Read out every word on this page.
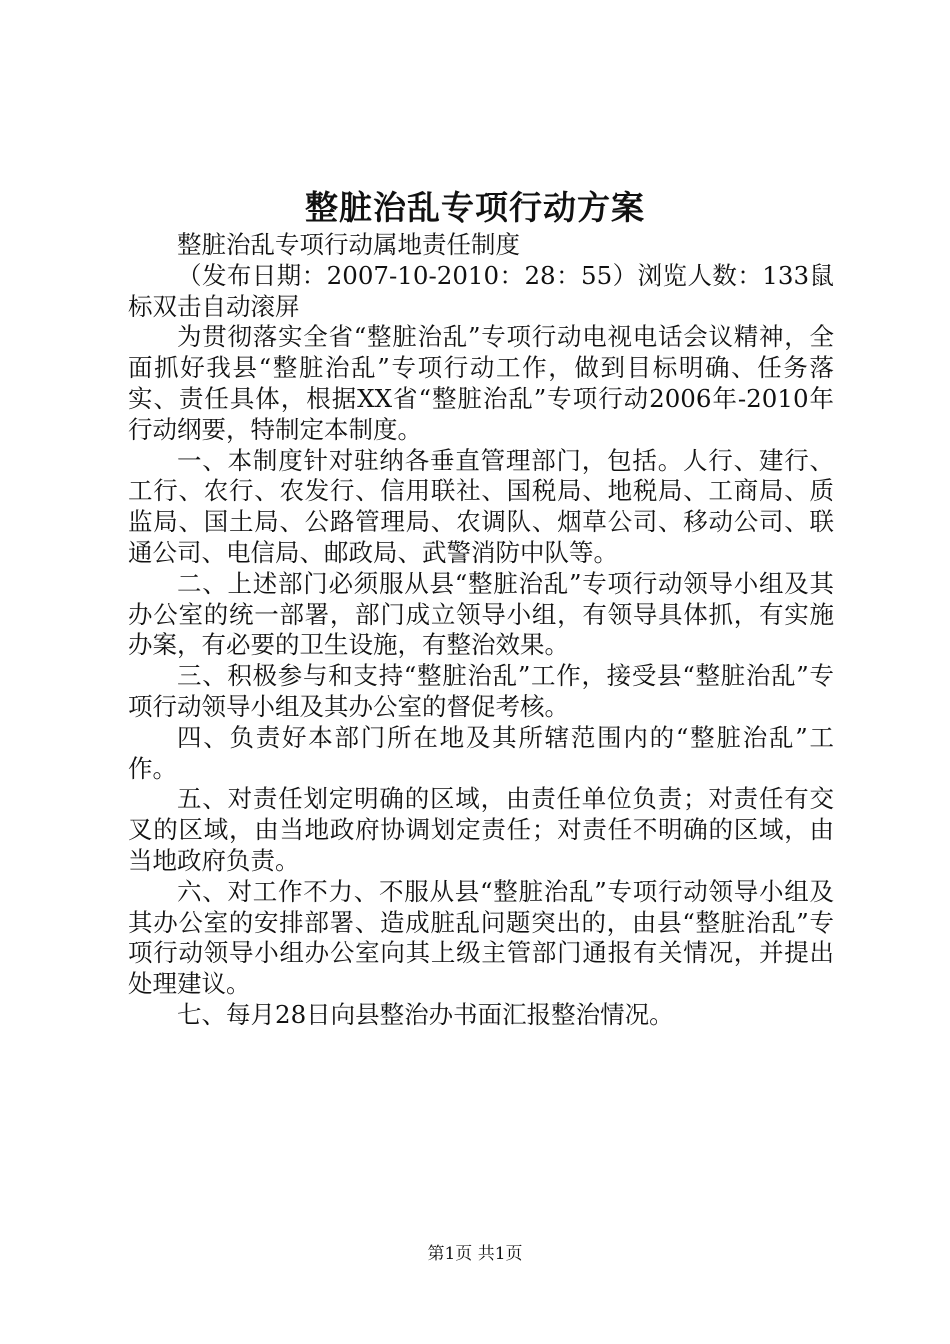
整脏治乱专项行动方案

整脏治乱专项行动属地责任制度

（发布日期：2007-10-2010：28：55）浏览人数：133鼠标双击自动滚屏

为贯彻落实全省“整脏治乱”专项行动电视电话会议精神，全面抓好我县“整脏治乱”专项行动工作，做到目标明确、任务落实、责任具体，根据XX省“整脏治乱”专项行动2006年-2010年行动纲要，特制定本制度。

一、本制度针对驻纳各垂直管理部门，包括。人行、建行、工行、农行、农发行、信用联社、国税局、地税局、工商局、质监局、国土局、公路管理局、农调队、烟草公司、移动公司、联通公司、电信局、邮政局、武警消防中队等。

二、上述部门必须服从县“整脏治乱”专项行动领导小组及其办公室的统一部署，部门成立领导小组，有领导具体抓，有实施办案，有必要的卫生设施，有整治效果。

三、积极参与和支持“整脏治乱”工作，接受县“整脏治乱”专项行动领导小组及其办公室的督促考核。

四、负责好本部门所在地及其所辖范围内的“整脏治乱”工作。

五、对责任划定明确的区域，由责任单位负责；对责任有交叉的区域，由当地政府协调划定责任；对责任不明确的区域，由当地政府负责。

六、对工作不力、不服从县“整脏治乱”专项行动领导小组及其办公室的安排部署、造成脏乱问题突出的，由县“整脏治乱”专项行动领导小组办公室向其上级主管部门通报有关情况，并提出处理建议。

七、每月28日向县整治办书面汇报整治情况。

第1页 共1页
